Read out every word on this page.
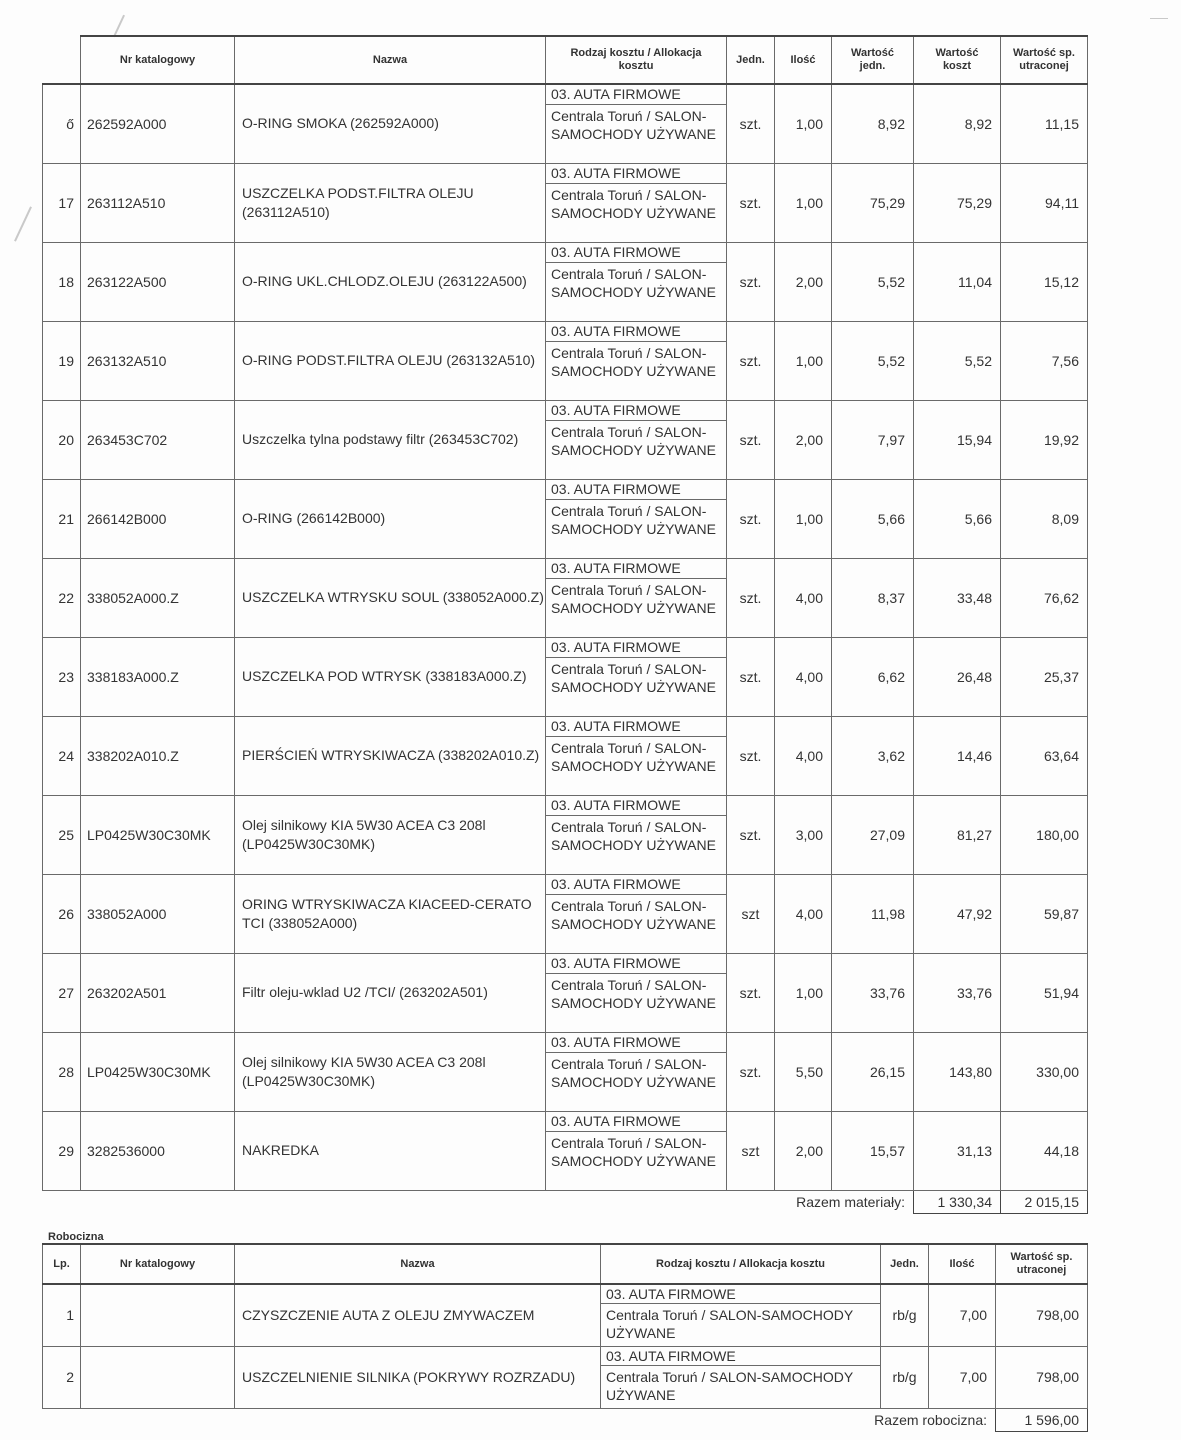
	Nr katalogowy	Nazwa	Rodzaj kosztu / Allokacja kosztu	Jedn.	Ilość	Wartość jedn.	Wartość koszt	Wartość sp. utraconej
ő	262592A000	O-RING SMOKA (262592A000)	03. AUTA FIRMOWE
Centrala Toruń / SALON-SAMOCHODY UŻYWANE	szt.	1,00	8,92	8,92	11,15
17	263112A510	USZCZELKA PODST.FILTRA OLEJU (263112A510)	03. AUTA FIRMOWE
Centrala Toruń / SALON-SAMOCHODY UŻYWANE	szt.	1,00	75,29	75,29	94,11
18	263122A500	O-RING UKL.CHLODZ.OLEJU (263122A500)	03. AUTA FIRMOWE
Centrala Toruń / SALON-SAMOCHODY UŻYWANE	szt.	2,00	5,52	11,04	15,12
19	263132A510	O-RING PODST.FILTRA OLEJU (263132A510)	03. AUTA FIRMOWE
Centrala Toruń / SALON-SAMOCHODY UŻYWANE	szt.	1,00	5,52	5,52	7,56
20	263453C702	Uszczelka tylna podstawy filtr (263453C702)	03. AUTA FIRMOWE
Centrala Toruń / SALON-SAMOCHODY UŻYWANE	szt.	2,00	7,97	15,94	19,92
21	266142B000	O-RING (266142B000)	03. AUTA FIRMOWE
Centrala Toruń / SALON-SAMOCHODY UŻYWANE	szt.	1,00	5,66	5,66	8,09
22	338052A000.Z	USZCZELKA WTRYSKU SOUL (338052A000.Z)	03. AUTA FIRMOWE
Centrala Toruń / SALON-SAMOCHODY UŻYWANE	szt.	4,00	8,37	33,48	76,62
23	338183A000.Z	USZCZELKA POD WTRYSK (338183A000.Z)	03. AUTA FIRMOWE
Centrala Toruń / SALON-SAMOCHODY UŻYWANE	szt.	4,00	6,62	26,48	25,37
24	338202A010.Z	PIERŚCIEŃ WTRYSKIWACZA (338202A010.Z)	03. AUTA FIRMOWE
Centrala Toruń / SALON-SAMOCHODY UŻYWANE	szt.	4,00	3,62	14,46	63,64
25	LP0425W30C30MK	Olej silnikowy KIA 5W30 ACEA C3 208l (LP0425W30C30MK)	03. AUTA FIRMOWE
Centrala Toruń / SALON-SAMOCHODY UŻYWANE	szt.	3,00	27,09	81,27	180,00
26	338052A000	ORING WTRYSKIWACZA KIACEED-CERATO TCI (338052A000)	03. AUTA FIRMOWE
Centrala Toruń / SALON-SAMOCHODY UŻYWANE	szt	4,00	11,98	47,92	59,87
27	263202A501	Filtr oleju-wklad U2 /TCI/ (263202A501)	03. AUTA FIRMOWE
Centrala Toruń / SALON-SAMOCHODY UŻYWANE	szt.	1,00	33,76	33,76	51,94
28	LP0425W30C30MK	Olej silnikowy KIA 5W30 ACEA C3 208l (LP0425W30C30MK)	03. AUTA FIRMOWE
Centrala Toruń / SALON-SAMOCHODY UŻYWANE	szt.	5,50	26,15	143,80	330,00
29	3282536000	NAKREDKA	03. AUTA FIRMOWE
Centrala Toruń / SALON-SAMOCHODY UŻYWANE	szt	2,00	15,57	31,13	44,18
Razem materiały:							1 330,34	2 015,15
Robocizna
Lp.	Nr katalogowy	Nazwa	Rodzaj kosztu / Allokacja kosztu	Jedn.	Ilość	Wartość sp. utraconej
1		CZYSZCZENIE AUTA Z OLEJU ZMYWACZEM	03. AUTA FIRMOWE
Centrala Toruń / SALON-SAMOCHODY UŻYWANE	rb/g	7,00	798,00
2		USZCZELNIENIE SILNIKA (POKRYWY ROZRZADU)	03. AUTA FIRMOWE
Centrala Toruń / SALON-SAMOCHODY UŻYWANE	rb/g	7,00	798,00
Razem robocizna:						1 596,00
